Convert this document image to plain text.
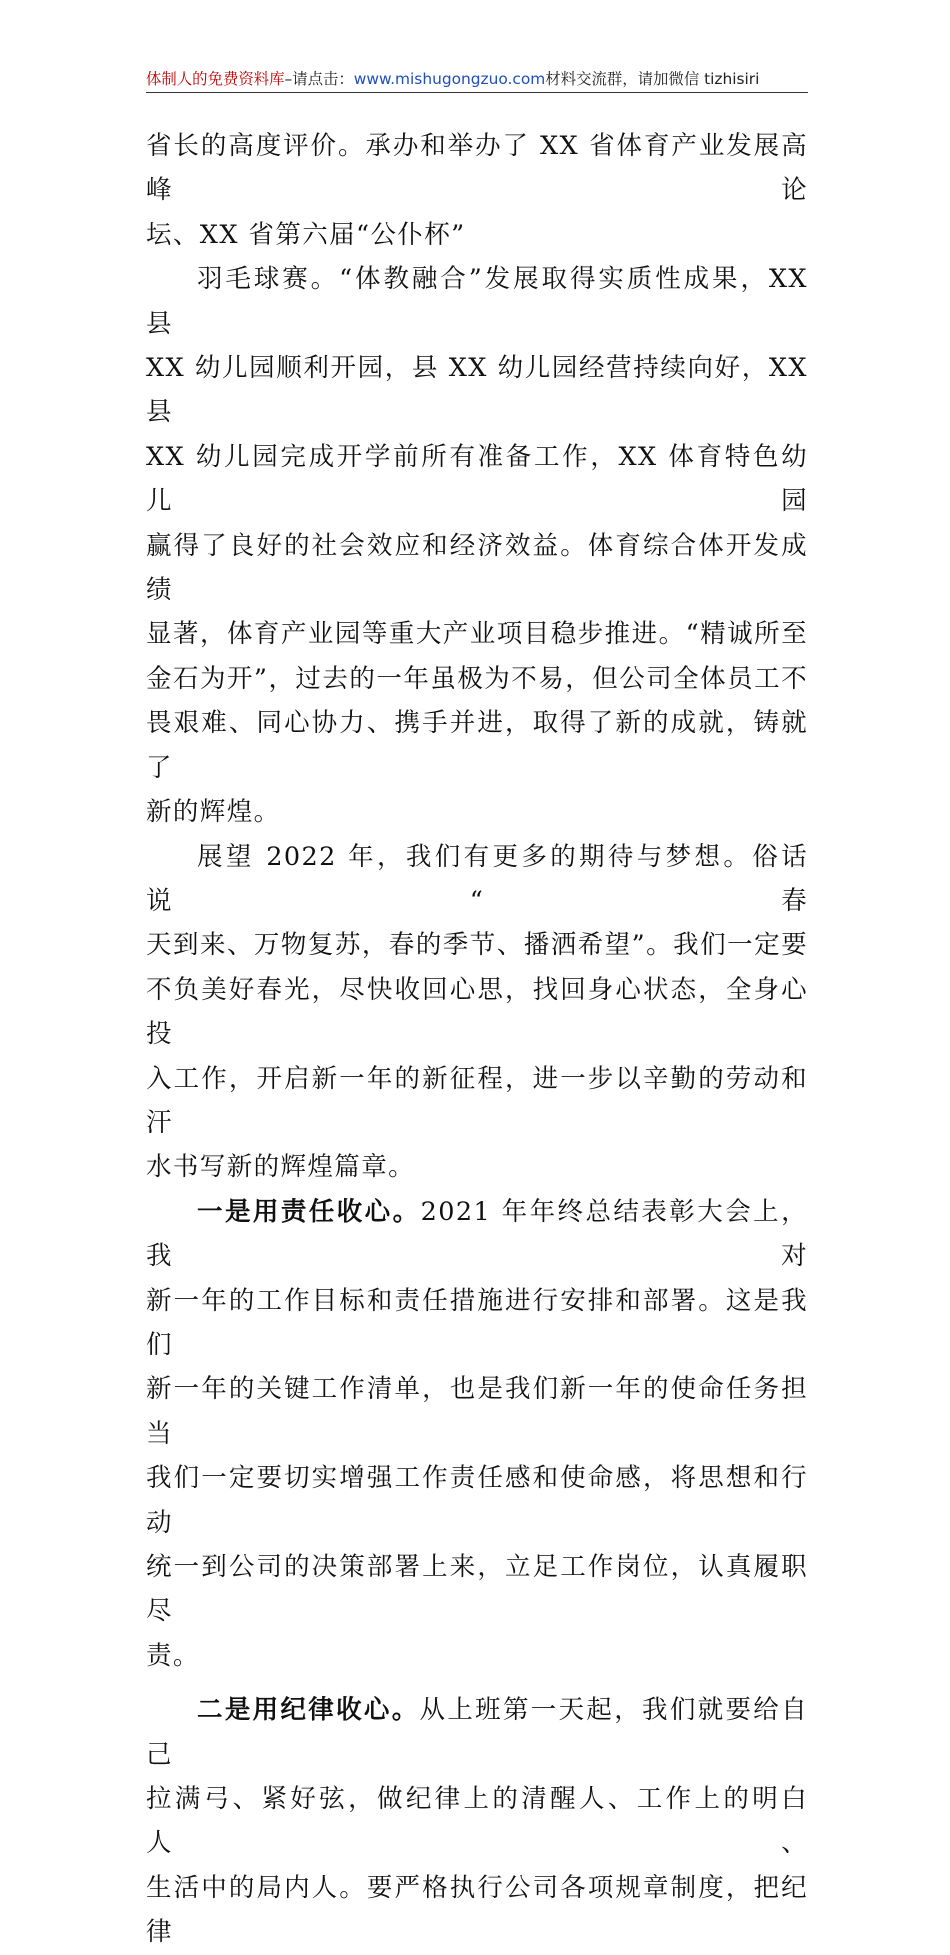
体制人的免费资料库–请点击：www.mishugongzuo.com材料交流群，请加微信 tizhisiri

省长的高度评价。承办和举办了 XX 省体育产业发展高峰论

坛、XX 省第六届“公仆杯”

羽毛球赛。“体教融合”发展取得实质性成果，XX 县

XX 幼儿园顺利开园，县 XX 幼儿园经营持续向好，XX 县

XX 幼儿园完成开学前所有准备工作，XX 体育特色幼儿园

赢得了良好的社会效应和经济效益。体育综合体开发成绩

显著，体育产业园等重大产业项目稳步推进。“精诚所至

金石为开”，过去的一年虽极为不易，但公司全体员工不

畏艰难、同心协力、携手并进，取得了新的成就，铸就了

新的辉煌。

展望 2022 年，我们有更多的期待与梦想。俗话说“春

天到来、万物复苏，春的季节、播洒希望”。我们一定要

不负美好春光，尽快收回心思，找回身心状态，全身心投

入工作，开启新一年的新征程，进一步以辛勤的劳动和汗

水书写新的辉煌篇章。

一是用责任收心。2021 年年终总结表彰大会上，我对

新一年的工作目标和责任措施进行安排和部署。这是我们

新一年的关键工作清单，也是我们新一年的使命任务担当

我们一定要切实增强工作责任感和使命感，将思想和行动

统一到公司的决策部署上来，立足工作岗位，认真履职尽

责。

二是用纪律收心。从上班第一天起，我们就要给自己

拉满弓、紧好弦，做纪律上的清醒人、工作上的明白人、

生活中的局内人。要严格执行公司各项规章制度，把纪律
